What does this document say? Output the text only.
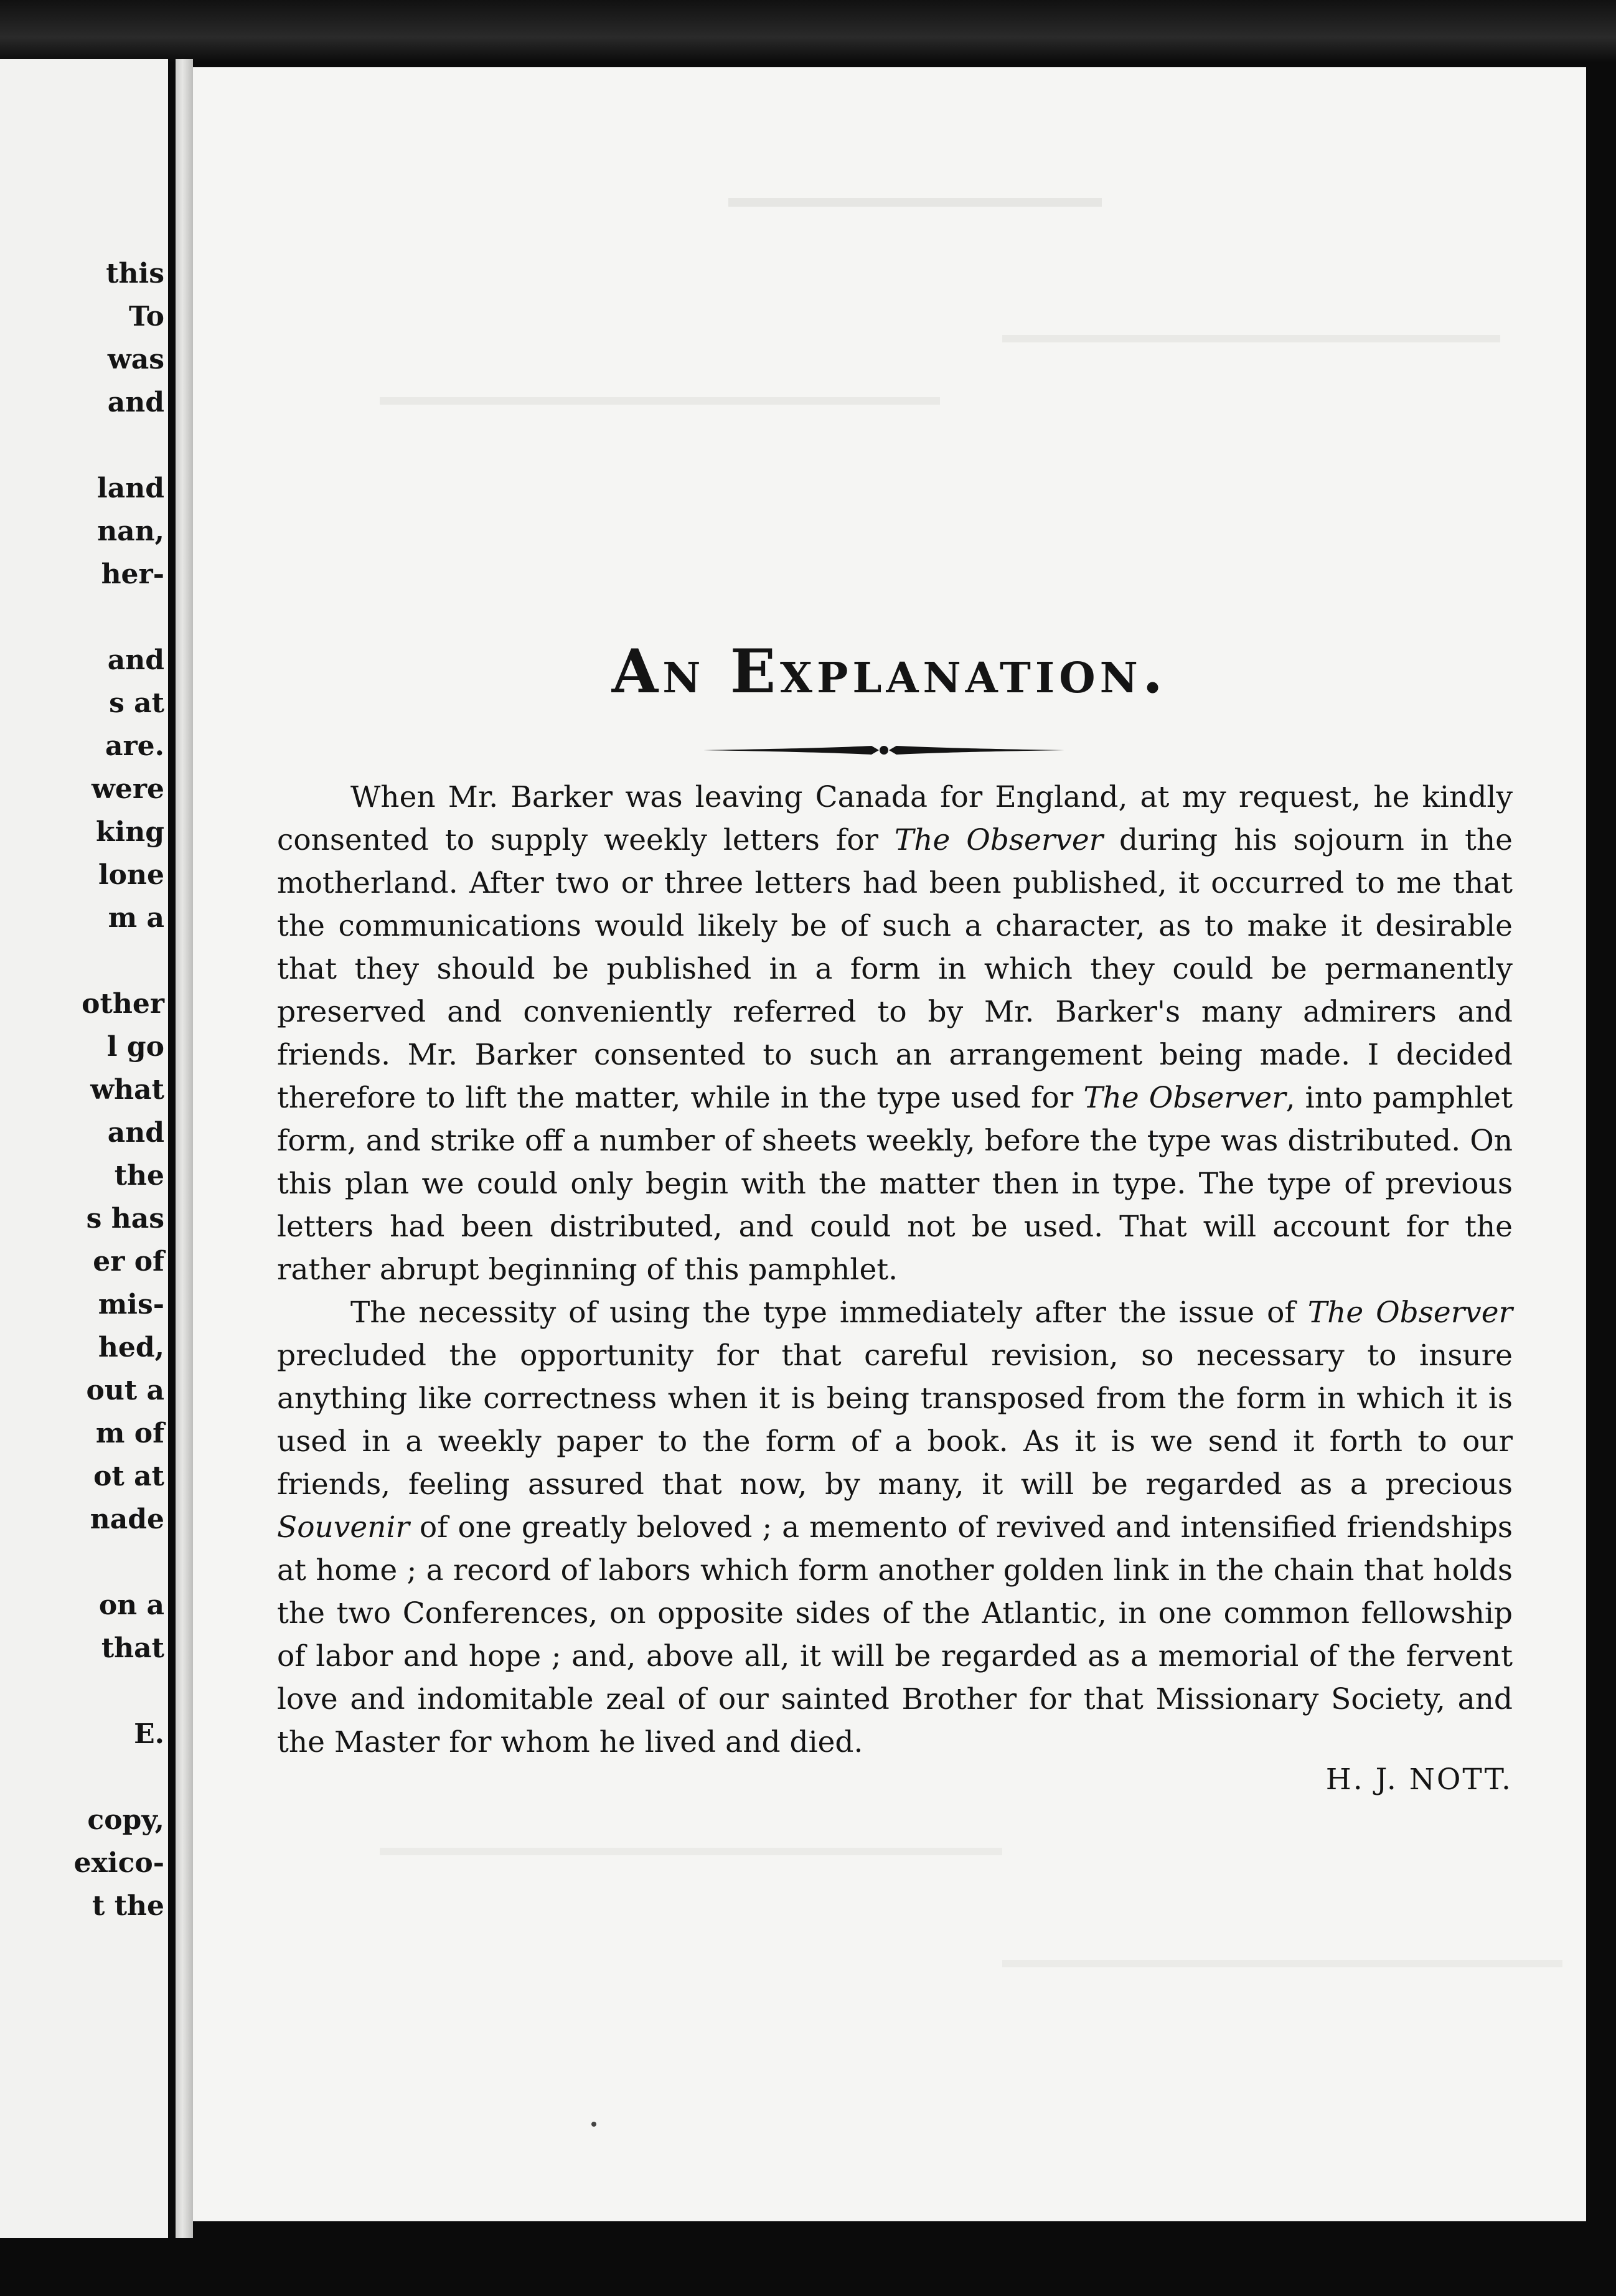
this
To
was
and
land
nan,
her-
and
s at
are.
were
king
lone
m a
other
l go
what
and
the
s has
er of
mis-
hed,
out a
m of
ot at
nade
on a
that
E.
copy,
exico-
t the
An Explanation.

When Mr. Barker was leaving Canada for England, at my request, he kindly consented to supply weekly letters for The Observer during his sojourn in the motherland. After two or three letters had been published, it occurred to me that the communications would likely be of such a character, as to make it desirable that they should be published in a form in which they could be permanently preserved and conveniently referred to by Mr. Barker's many admirers and friends. Mr. Barker consented to such an arrangement being made. I decided therefore to lift the matter, while in the type used for The Observer, into pamphlet form, and strike off a number of sheets weekly, before the type was distributed. On this plan we could only begin with the matter then in type. The type of previous letters had been distributed, and could not be used. That will account for the rather abrupt beginning of this pamphlet.

The necessity of using the type immediately after the issue of The Observer precluded the opportunity for that careful revision, so necessary to insure anything like correctness when it is being transposed from the form in which it is used in a weekly paper to the form of a book. As it is we send it forth to our friends, feeling assured that now, by many, it will be regarded as a precious Souvenir of one greatly beloved ; a memento of revived and intensified friendships at home ; a record of labors which form another golden link in the chain that holds the two Conferences, on opposite sides of the Atlantic, in one common fellowship of labor and hope ; and, above all, it will be regarded as a memorial of the fervent love and indomitable zeal of our sainted Brother for that Missionary Society, and the Master for whom he lived and died.

H. J. NOTT.
